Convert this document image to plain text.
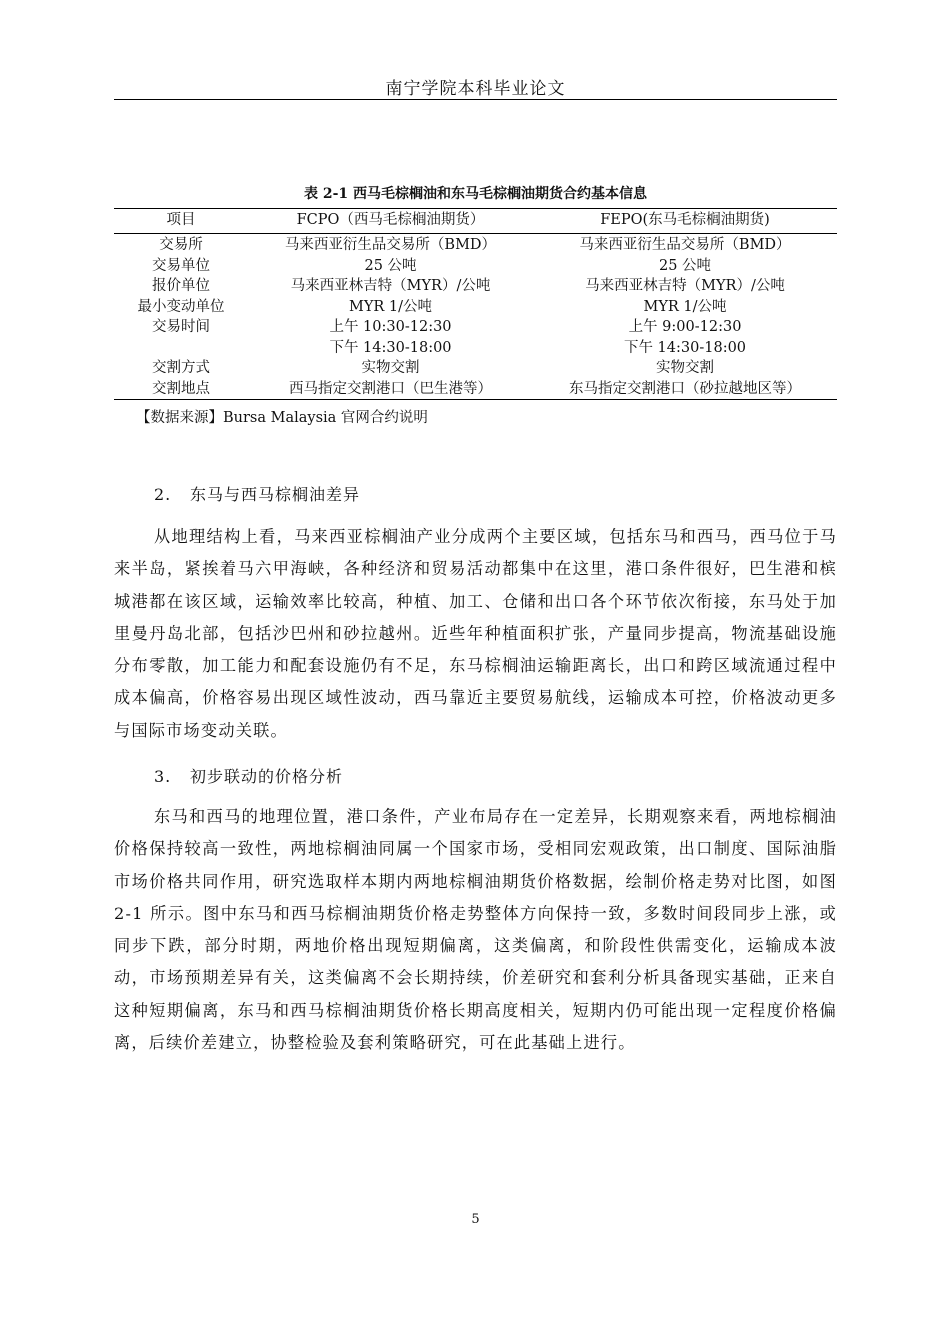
南宁学院本科毕业论文
表 2-1 西马毛棕榈油和东马毛棕榈油期货合约基本信息
项目	FCPO（西马毛棕榈油期货）	FEPO(东马毛棕榈油期货)
交易所	马来西亚衍生品交易所（BMD）	马来西亚衍生品交易所（BMD）
交易单位	25 公吨	25 公吨
报价单位	马来西亚林吉特（MYR）/公吨	马来西亚林吉特（MYR）/公吨
最小变动单位	MYR 1/公吨	MYR 1/公吨
交易时间	上午 10:30-12:30	上午 9:00-12:30
	下午 14:30-18:00	下午 14:30-18:00
交割方式	实物交割	实物交割
交割地点	西马指定交割港口（巴生港等）	东马指定交割港口（砂拉越地区等）
【数据来源】Bursa Malaysia 官网合约说明
2. 东马与西马棕榈油差异

从地理结构上看，马来西亚棕榈油产业分成两个主要区域，包括东马和西马，西马位于马来半岛，紧挨着马六甲海峡，各种经济和贸易活动都集中在这里，港口条件很好，巴生港和槟城港都在该区域，运输效率比较高，种植、加工、仓储和出口各个环节依次衔接，东马处于加里曼丹岛北部，包括沙巴州和砂拉越州。近些年种植面积扩张，产量同步提高，物流基础设施分布零散，加工能力和配套设施仍有不足，东马棕榈油运输距离长，出口和跨区域流通过程中成本偏高，价格容易出现区域性波动，西马靠近主要贸易航线，运输成本可控，价格波动更多与国际市场变动关联。

3. 初步联动的价格分析

东马和西马的地理位置，港口条件，产业布局存在一定差异，长期观察来看，两地棕榈油价格保持较高一致性，两地棕榈油同属一个国家市场，受相同宏观政策，出口制度、国际油脂市场价格共同作用，研究选取样本期内两地棕榈油期货价格数据，绘制价格走势对比图，如图 2-1 所示。图中东马和西马棕榈油期货价格走势整体方向保持一致，多数时间段同步上涨，或同步下跌，部分时期，两地价格出现短期偏离，这类偏离，和阶段性供需变化，运输成本波动，市场预期差异有关，这类偏离不会长期持续，价差研究和套利分析具备现实基础，正来自这种短期偏离，东马和西马棕榈油期货价格长期高度相关，短期内仍可能出现一定程度价格偏离，后续价差建立，协整检验及套利策略研究，可在此基础上进行。

5
